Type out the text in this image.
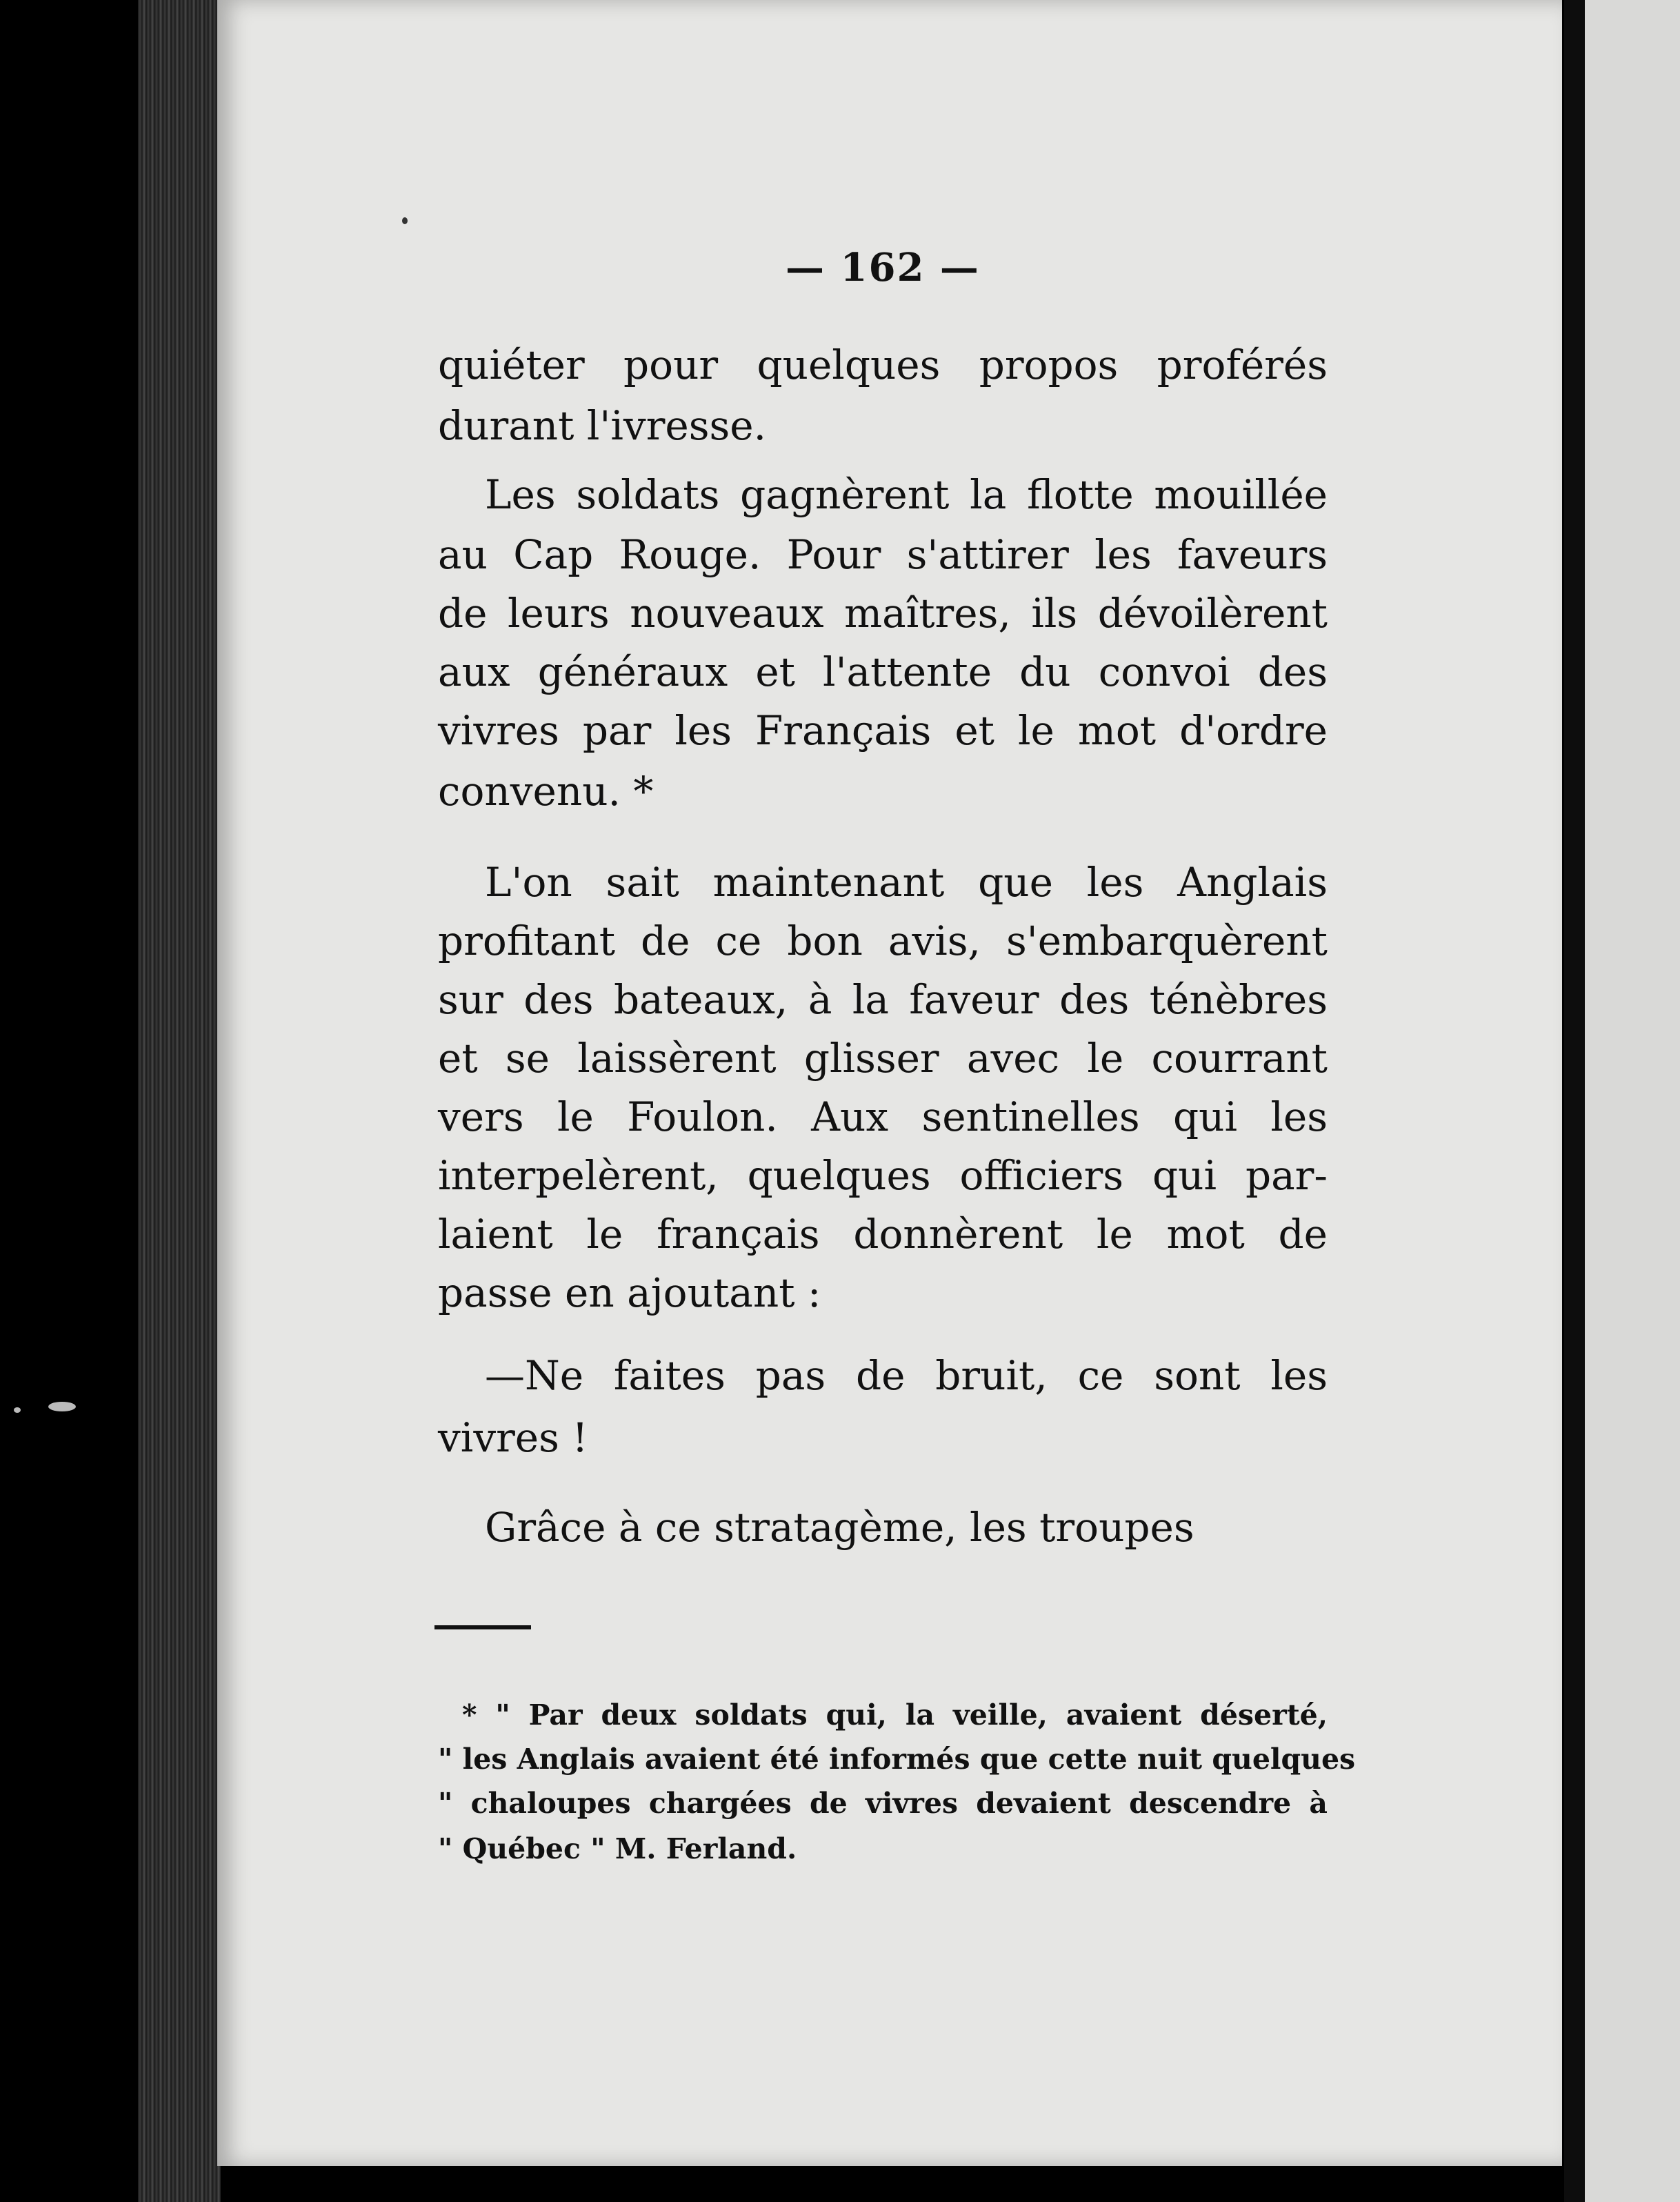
— 162 —
quiéter pour quelques propos proférés
durant l'ivresse.
Les soldats gagnèrent la flotte mouillée
au Cap Rouge. Pour s'attirer les faveurs
de leurs nouveaux maîtres, ils dévoilèrent
aux généraux et l'attente du convoi des
vivres par les Français et le mot d'ordre
convenu. *
L'on sait maintenant que les Anglais
profitant de ce bon avis, s'embarquèrent
sur des bateaux, à la faveur des ténèbres
et se laissèrent glisser avec le courrant
vers le Foulon. Aux sentinelles qui les
interpelèrent, quelques officiers qui par-
laient le français donnèrent le mot de
passe en ajoutant :
—Ne faites pas de bruit, ce sont les
vivres !
Grâce à ce stratagème, les troupes
* " Par deux soldats qui, la veille, avaient déserté,
" les Anglais avaient été informés que cette nuit quelques
" chaloupes chargées de vivres devaient descendre à
" Québec " M. Ferland.
